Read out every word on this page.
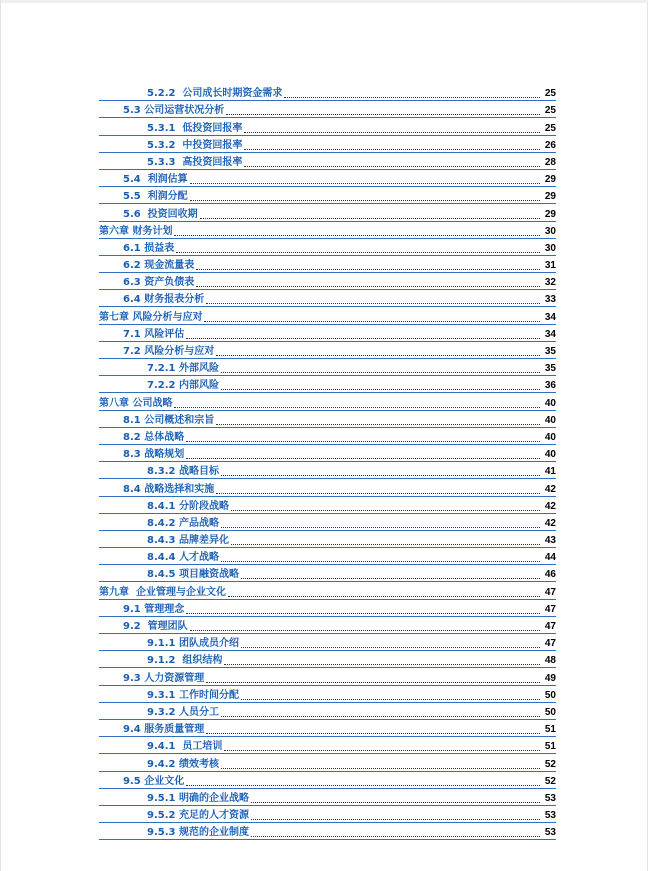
5.2.2  公司成长时期资金需求	25
5.3 公司运营状况分析	25
5.3.1  低投资回报率	25
5.3.2  中投资回报率	26
5.3.3  高投资回报率	28
5.4  利润估算	29
5.5  利润分配	29
5.6  投资回收期	29
第六章 财务计划	30
6.1 损益表	30
6.2 现金流量表	31
6.3 资产负债表	32
6.4 财务报表分析	33
第七章 风险分析与应对	34
7.1 风险评估	34
7.2 风险分析与应对	35
7.2.1 外部风险	35
7.2.2 内部风险	36
第八章 公司战略	40
8.1 公司概述和宗旨	40
8.2 总体战略	40
8.3 战略规划	40
8.3.2 战略目标	41
8.4 战略选择和实施	42
8.4.1 分阶段战略	42
8.4.2 产品战略	42
8.4.3 品牌差异化	43
8.4.4 人才战略	44
8.4.5 项目融资战略	46
第九章  企业管理与企业文化	47
9.1 管理理念	47
9.2  管理团队	47
9.1.1 团队成员介绍	47
9.1.2  组织结构	48
9.3 人力资源管理	49
9.3.1 工作时间分配	50
9.3.2 人员分工	50
9.4 服务质量管理	51
9.4.1  员工培训	51
9.4.2 绩效考核	52
9.5 企业文化	52
9.5.1 明确的企业战略	53
9.5.2 充足的人才资源	53
9.5.3 规范的企业制度	53
